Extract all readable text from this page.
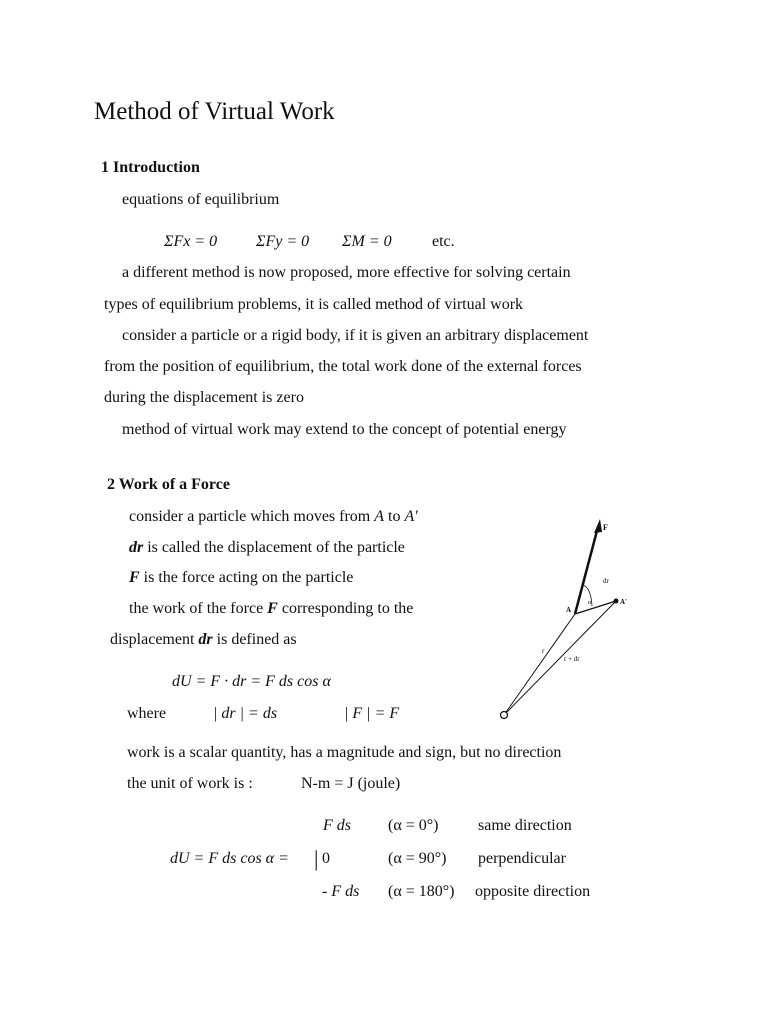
Method of Virtual Work
1 Introduction
equations of equilibrium
ΣFx = 0 ΣFy = 0 ΣM = 0	etc.
a different method is now proposed, more effective for solving certain
types of equilibrium problems, it is called method of virtual work
consider a particle or a rigid body, if it is given an arbitrary displacement
from the position of equilibrium, the total work done of the external forces
during the displacement is zero
method of virtual work may extend to the concept of potential energy
2 Work of a Force
consider a particle which moves from A to A'
dr is called the displacement of the particle
F is the force acting on the particle
the work of the force F corresponding to the
displacement dr is defined as
dU = F · dr = F ds cos α
where	| dr | = ds	| F | = F
work is a scalar quantity, has a magnitude and sign, but no direction
the unit of work is :	N-m = J (joule)
dU = F ds cos α = |
F ds (α = 0°) same direction
0	(α = 90°) perpendicular
- F ds (α = 180°) opposite direction
F
dr
α
A
A'
r
r + dr
